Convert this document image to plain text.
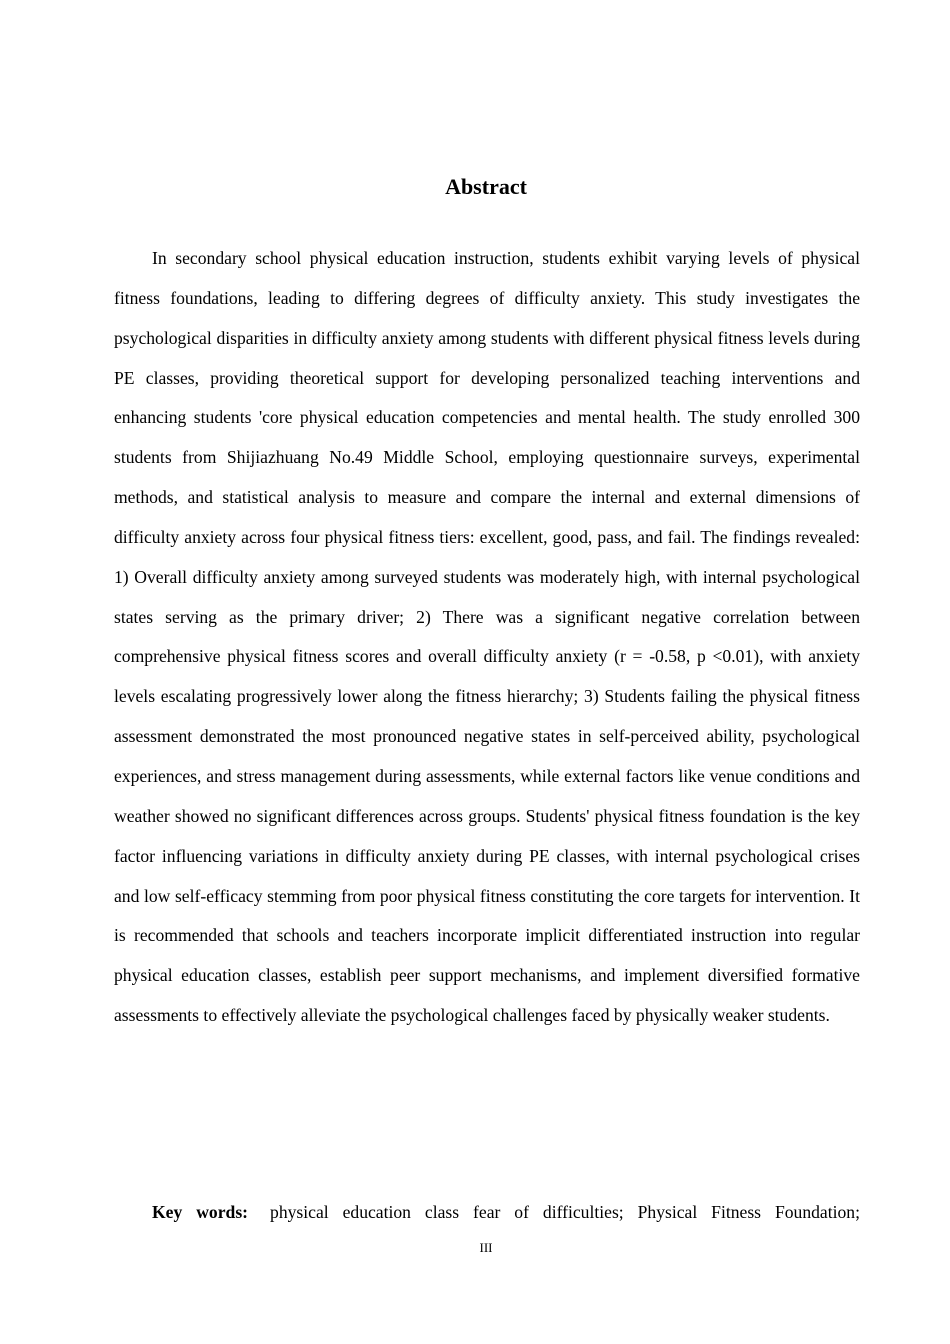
Abstract

In secondary school physical education instruction, students exhibit varying levels of physical fitness foundations, leading to differing degrees of difficulty anxiety. This study investigates the psychological disparities in difficulty anxiety among students with different physical fitness levels during PE classes, providing theoretical support for developing personalized teaching interventions and enhancing students 'core physical education competencies and mental health. The study enrolled 300 students from Shijiazhuang No.49 Middle School, employing questionnaire surveys, experimental methods, and statistical analysis to measure and compare the internal and external dimensions of difficulty anxiety across four physical fitness tiers: excellent, good, pass, and fail. The findings revealed: 1) Overall difficulty anxiety among surveyed students was moderately high, with internal psychological states serving as the primary driver; 2) There was a significant negative correlation between comprehensive physical fitness scores and overall difficulty anxiety (r = -0.58, p <0.01), with anxiety levels escalating progressively lower along the fitness hierarchy; 3) Students failing the physical fitness assessment demonstrated the most pronounced negative states in self-perceived ability, psychological experiences, and stress management during assessments, while external factors like venue conditions and weather showed no significant differences across groups. Students' physical fitness foundation is the key factor influencing variations in difficulty anxiety during PE classes, with internal psychological crises and low self-efficacy stemming from poor physical fitness constituting the core targets for intervention. It is recommended that schools and teachers incorporate implicit differentiated instruction into regular physical education classes, establish peer support mechanisms, and implement diversified formative assessments to effectively alleviate the psychological challenges faced by physically weaker students.

Key words: physical education class fear of difficulties; Physical Fitness Foundation;

III
